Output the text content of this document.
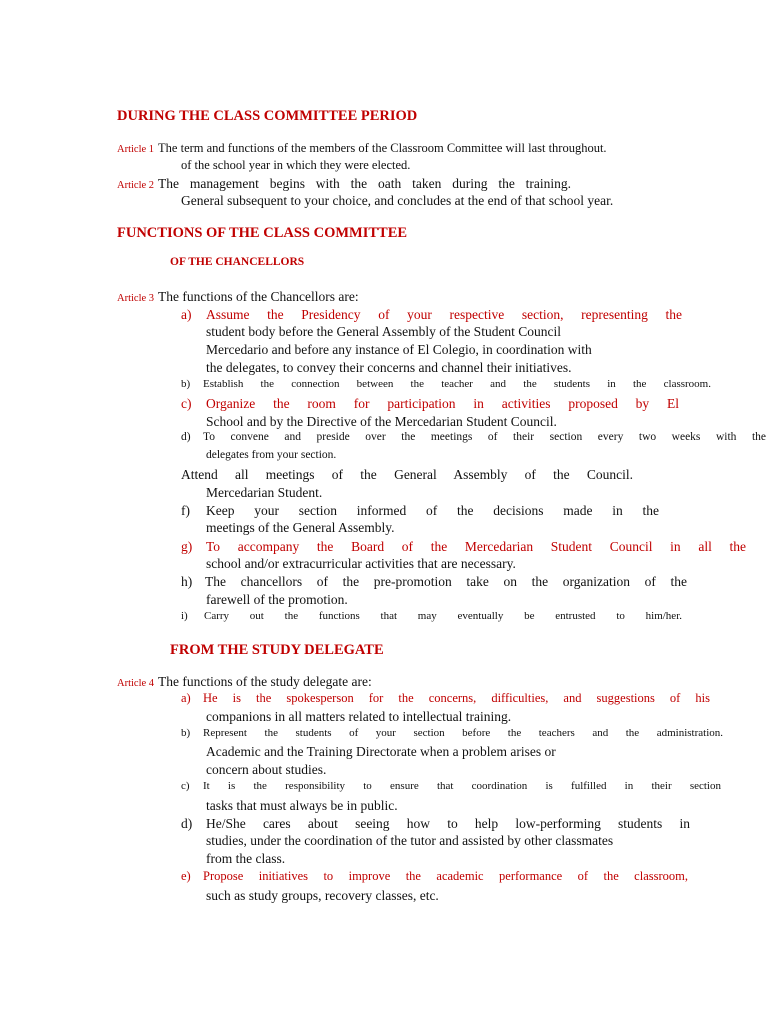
DURING THE CLASS COMMITTEE PERIOD
Article 1 The term and functions of the members of the Classroom Committee will last throughout.
of the school year in which they were elected.
Article 2 The management begins with the oath taken during the training.
General subsequent to your choice, and concludes at the end of that school year.
FUNCTIONS OF THE CLASS COMMITTEE
OF THE CHANCELLORS
Article 3 The functions of the Chancellors are:
a) Assume the Presidency of your respective section, representing the
student body before the General Assembly of the Student Council
Mercedario and before any instance of El Colegio, in coordination with
the delegates, to convey their concerns and channel their initiatives.
b) Establish the connection between the teacher and the students in the classroom.
c) Organize the room for participation in activities proposed by El
School and by the Directive of the Mercedarian Student Council.
d) To convene and preside over the meetings of their section every two weeks with the
delegates from your section.
Attend all meetings of the General Assembly of the Council.
Mercedarian Student.
f) Keep your section informed of the decisions made in the
meetings of the General Assembly.
g) To accompany the Board of the Mercedarian Student Council in all the
school and/or extracurricular activities that are necessary.
h) The chancellors of the pre-promotion take on the organization of the
farewell of the promotion.
i) Carry out the functions that may eventually be entrusted to him/her.
FROM THE STUDY DELEGATE
Article 4 The functions of the study delegate are:
a) He is the spokesperson for the concerns, difficulties, and suggestions of his
companions in all matters related to intellectual training.
b) Represent the students of your section before the teachers and the administration.
Academic and the Training Directorate when a problem arises or
concern about studies.
c) It is the responsibility to ensure that coordination is fulfilled in their section
tasks that must always be in public.
d) He/She cares about seeing how to help low-performing students in
studies, under the coordination of the tutor and assisted by other classmates
from the class.
e) Propose initiatives to improve the academic performance of the classroom,
such as study groups, recovery classes, etc.
